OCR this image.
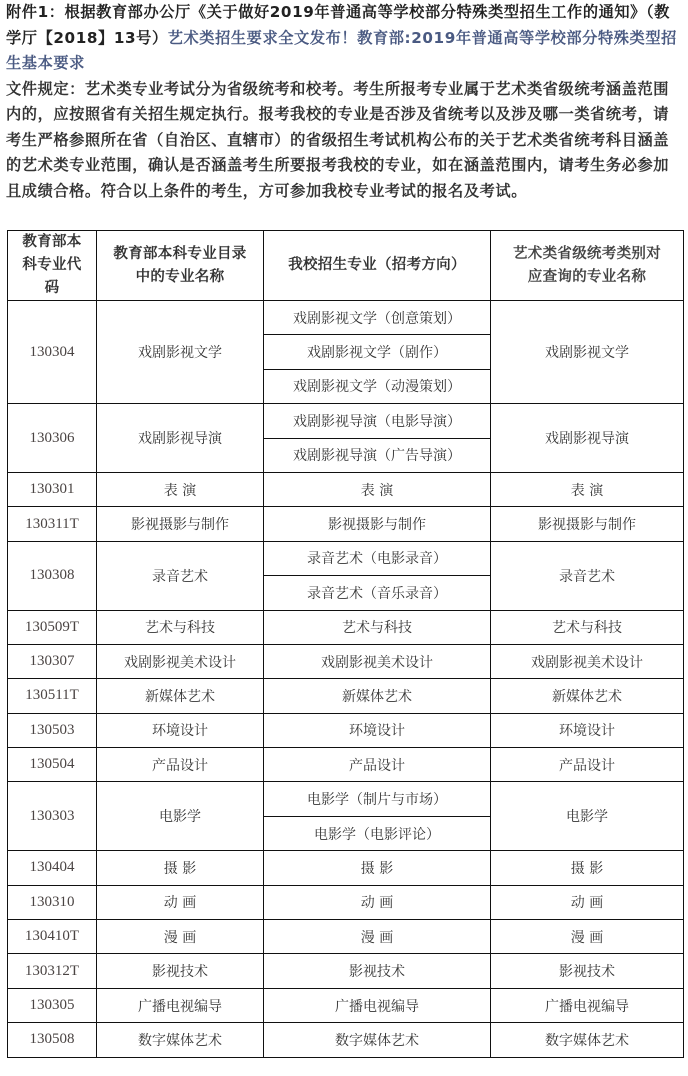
附件1：根据教育部办公厅《关于做好2019年普通高等学校部分特殊类型招生工作的通知》（教学厅【2018】13号）艺术类招生要求全文发布！教育部:2019年普通高等学校部分特殊类型招生基本要求

文件规定：艺术类专业考试分为省级统考和校考。考生所报考专业属于艺术类省级统考涵盖范围内的，应按照省有关招生规定执行。报考我校的专业是否涉及省统考以及涉及哪一类省统考，请考生严格参照所在省（自治区、直辖市）的省级招生考试机构公布的关于艺术类省统考科目涵盖的艺术类专业范围，确认是否涵盖考生所要报考我校的专业，如在涵盖范围内，请考生务必参加且成绩合格。符合以上条件的考生，方可参加我校专业考试的报名及考试。

教育部本科专业代码	教育部本科专业目录中的专业名称	我校招生专业（招考方向）	艺术类省级统考类别对应查询的专业名称
130304	戏剧影视文学	戏剧影视文学（创意策划）	戏剧影视文学
		戏剧影视文学（剧作）	
		戏剧影视文学（动漫策划）	
130306	戏剧影视导演	戏剧影视导演（电影导演）	戏剧影视导演
		戏剧影视导演（广告导演）	
130301	表 演	表 演	表 演
130311T	影视摄影与制作	影视摄影与制作	影视摄影与制作
130308	录音艺术	录音艺术（电影录音）	录音艺术
		录音艺术（音乐录音）	
130509T	艺术与科技	艺术与科技	艺术与科技
130307	戏剧影视美术设计	戏剧影视美术设计	戏剧影视美术设计
130511T	新媒体艺术	新媒体艺术	新媒体艺术
130503	环境设计	环境设计	环境设计
130504	产品设计	产品设计	产品设计
130303	电影学	电影学（制片与市场）	电影学
		电影学（电影评论）	
130404	摄 影	摄 影	摄 影
130310	动 画	动 画	动 画
130410T	漫 画	漫 画	漫 画
130312T	影视技术	影视技术	影视技术
130305	广播电视编导	广播电视编导	广播电视编导
130508	数字媒体艺术	数字媒体艺术	数字媒体艺术
